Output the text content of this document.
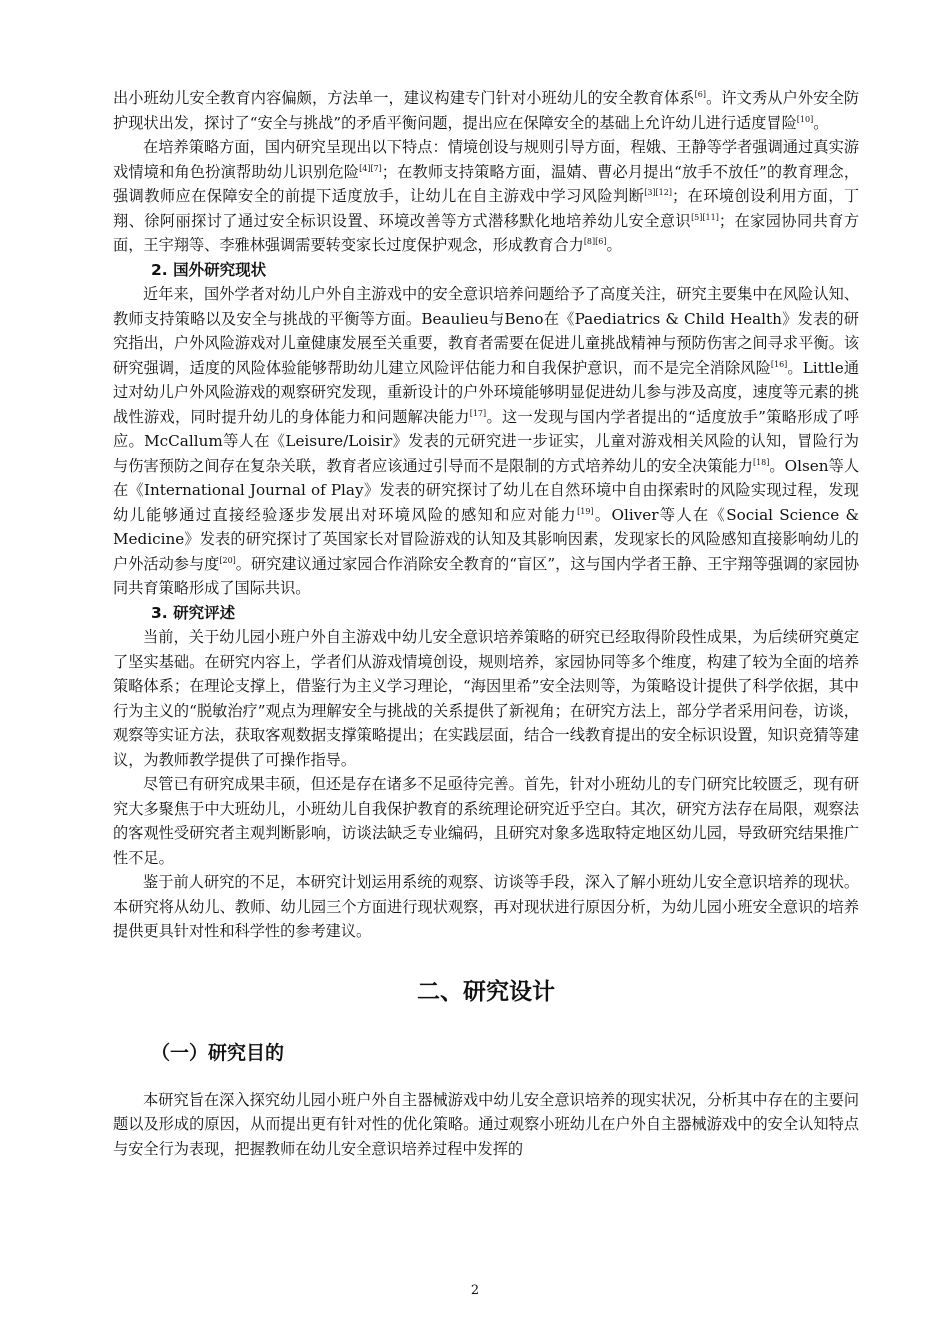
出小班幼儿安全教育内容偏颇，方法单一，建议构建专门针对小班幼儿的安全教育体系[6]。许文秀从户外安全防护现状出发，探讨了“安全与挑战”的矛盾平衡问题，提出应在保障安全的基础上允许幼儿进行适度冒险[10]。

在培养策略方面，国内研究呈现出以下特点：情境创设与规则引导方面，程娥、王静等学者强调通过真实游戏情境和角色扮演帮助幼儿识别危险[4][7]；在教师支持策略方面，温婧、曹必月提出“放手不放任”的教育理念，强调教师应在保障安全的前提下适度放手，让幼儿在自主游戏中学习风险判断[3][12]；在环境创设利用方面，丁翔、徐阿丽探讨了通过安全标识设置、环境改善等方式潜移默化地培养幼儿安全意识[5][11]；在家园协同共育方面，王宇翔等、李雅林强调需要转变家长过度保护观念，形成教育合力[8][6]。

2. 国外研究现状

近年来，国外学者对幼儿户外自主游戏中的安全意识培养问题给予了高度关注，研究主要集中在风险认知、教师支持策略以及安全与挑战的平衡等方面。Beaulieu与Beno在《Paediatrics & Child Health》发表的研究指出，户外风险游戏对儿童健康发展至关重要，教育者需要在促进儿童挑战精神与预防伤害之间寻求平衡。该研究强调，适度的风险体验能够帮助幼儿建立风险评估能力和自我保护意识，而不是完全消除风险[16]。Little通过对幼儿户外风险游戏的观察研究发现，重新设计的户外环境能够明显促进幼儿参与涉及高度，速度等元素的挑战性游戏，同时提升幼儿的身体能力和问题解决能力[17]。这一发现与国内学者提出的“适度放手”策略形成了呼应。McCallum等人在《Leisure/Loisir》发表的元研究进一步证实，儿童对游戏相关风险的认知，冒险行为与伤害预防之间存在复杂关联，教育者应该通过引导而不是限制的方式培养幼儿的安全决策能力[18]。Olsen等人在《International Journal of Play》发表的研究探讨了幼儿在自然环境中自由探索时的风险实现过程，发现幼儿能够通过直接经验逐步发展出对环境风险的感知和应对能力[19]。Oliver等人在《Social Science & Medicine》发表的研究探讨了英国家长对冒险游戏的认知及其影响因素，发现家长的风险感知直接影响幼儿的户外活动参与度[20]。研究建议通过家园合作消除安全教育的“盲区”，这与国内学者王静、王宇翔等强调的家园协同共育策略形成了国际共识。

3. 研究评述

当前，关于幼儿园小班户外自主游戏中幼儿安全意识培养策略的研究已经取得阶段性成果，为后续研究奠定了坚实基础。在研究内容上，学者们从游戏情境创设，规则培养，家园协同等多个维度，构建了较为全面的培养策略体系；在理论支撑上，借鉴行为主义学习理论，“海因里希”安全法则等，为策略设计提供了科学依据，其中行为主义的“脱敏治疗”观点为理解安全与挑战的关系提供了新视角；在研究方法上，部分学者采用问卷，访谈，观察等实证方法，获取客观数据支撑策略提出；在实践层面，结合一线教育提出的安全标识设置，知识竞猜等建议，为教师教学提供了可操作指导。

尽管已有研究成果丰硕，但还是存在诸多不足亟待完善。首先，针对小班幼儿的专门研究比较匮乏，现有研究大多聚焦于中大班幼儿，小班幼儿自我保护教育的系统理论研究近乎空白。其次，研究方法存在局限，观察法的客观性受研究者主观判断影响，访谈法缺乏专业编码，且研究对象多选取特定地区幼儿园，导致研究结果推广性不足。

鉴于前人研究的不足，本研究计划运用系统的观察、访谈等手段，深入了解小班幼儿安全意识培养的现状。本研究将从幼儿、教师、幼儿园三个方面进行现状观察，再对现状进行原因分析，为幼儿园小班安全意识的培养提供更具针对性和科学性的参考建议。

二、研究设计
（一）研究目的

本研究旨在深入探究幼儿园小班户外自主器械游戏中幼儿安全意识培养的现实状况，分析其中存在的主要问题以及形成的原因，从而提出更有针对性的优化策略。通过观察小班幼儿在户外自主器械游戏中的安全认知特点与安全行为表现，把握教师在幼儿安全意识培养过程中发挥的

2
